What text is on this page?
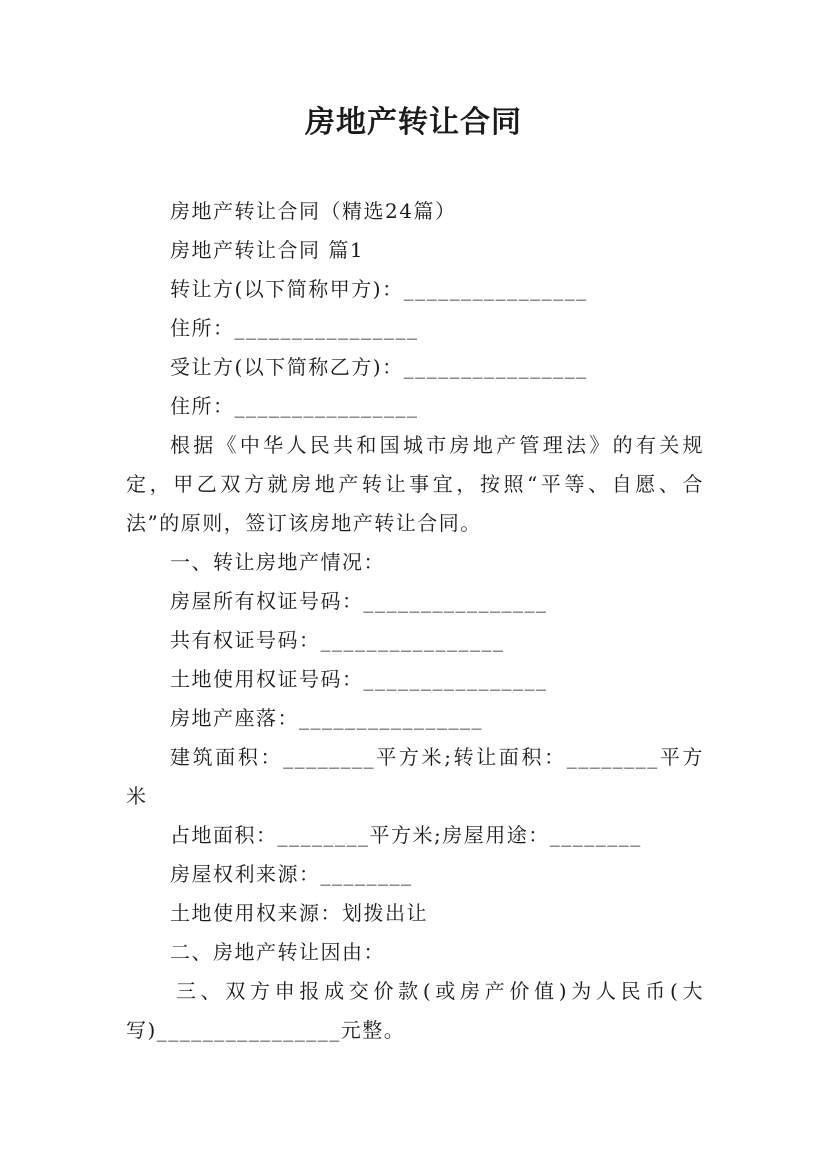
房地产转让合同

房地产转让合同（精选24篇）

房地产转让合同 篇1

转让方(以下简称甲方)：________________

住所：________________

受让方(以下简称乙方)：________________

住所：________________

根据《中华人民共和国城市房地产管理法》的有关规定，甲乙双方就房地产转让事宜，按照“平等、自愿、合法”的原则，签订该房地产转让合同。

一、转让房地产情况：

房屋所有权证号码：________________

共有权证号码：________________

土地使用权证号码：________________

房地产座落：________________

建筑面积：________平方米;转让面积：________平方米

占地面积：________平方米;房屋用途：________

房屋权利来源：________

土地使用权来源：划拨出让

二、房地产转让因由：

三、双方申报成交价款(或房产价值)为人民币(大写)________________元整。
